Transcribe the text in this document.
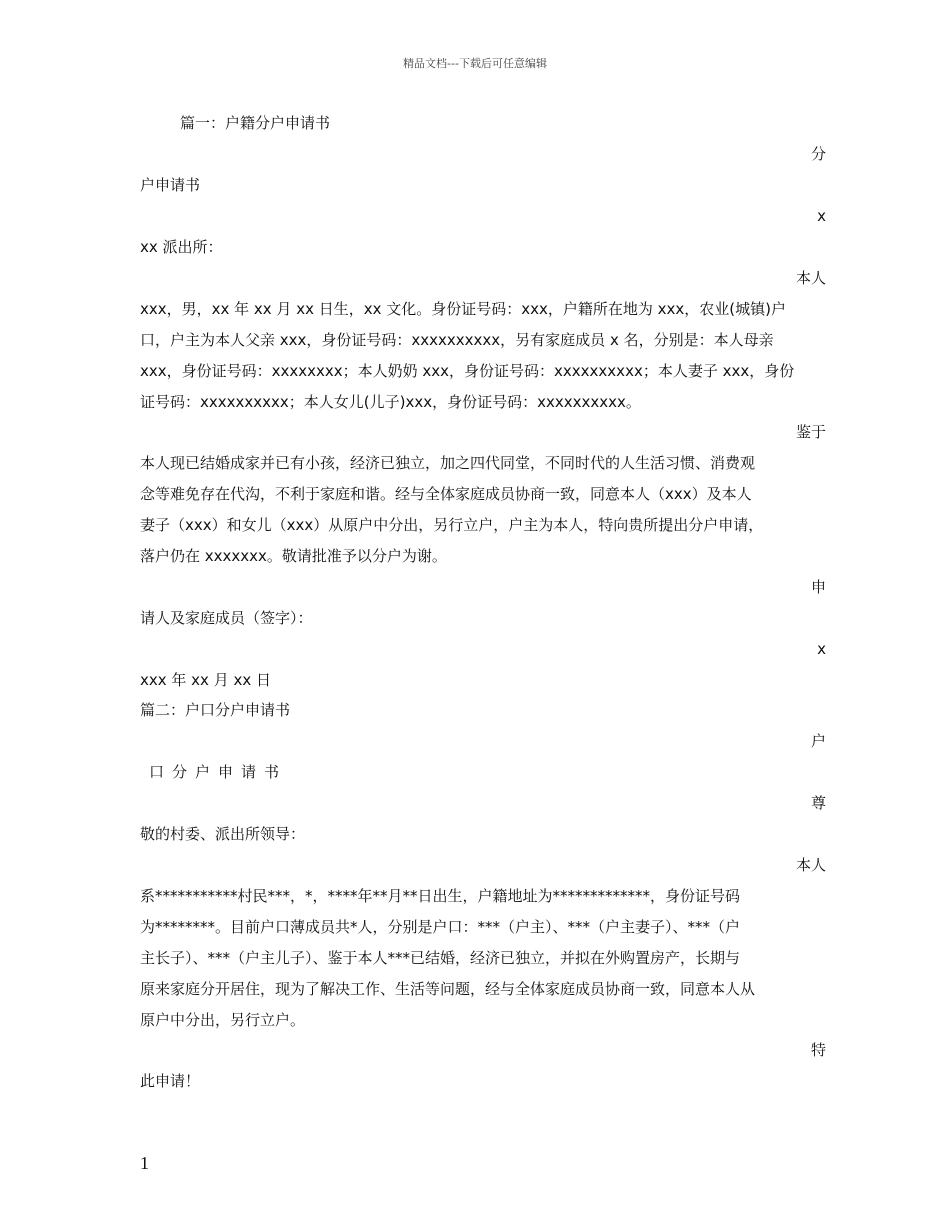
精品文档---下载后可任意编辑
篇一：户籍分户申请书
分
户申请书
x
xx 派出所：
本人
xxx，男，xx 年 xx 月 xx 日生，xx 文化。身份证号码：xxx，户籍所在地为 xxx，农业(城镇)户
口，户主为本人父亲 xxx，身份证号码：xxxxxxxxxx，另有家庭成员 x 名，分别是：本人母亲
xxx，身份证号码：xxxxxxxx；本人奶奶 xxx，身份证号码：xxxxxxxxxx；本人妻子 xxx，身份
证号码：xxxxxxxxxx；本人女儿(儿子)xxx，身份证号码：xxxxxxxxxx。
鉴于
本人现已结婚成家并已有小孩，经济已独立，加之四代同堂，不同时代的人生活习惯、消费观
念等难免存在代沟，不利于家庭和谐。经与全体家庭成员协商一致，同意本人（xxx）及本人
妻子（xxx）和女儿（xxx）从原户中分出，另行立户，户主为本人，特向贵所提出分户申请，
落户仍在 xxxxxxx。敬请批准予以分户为谢。
申
请人及家庭成员（签字）：
x
xxx 年 xx 月 xx 日
篇二：户口分户申请书
户
口分户申请书
尊
敬的村委、派出所领导：
本人
系***********村民***，*，****年**月**日出生，户籍地址为*************，身份证号码
为********。目前户口薄成员共*人，分别是户口：***（户主）、***（户主妻子）、***（户
主长子）、***（户主儿子）、鉴于本人***已结婚，经济已独立，并拟在外购置房产，长期与
原来家庭分开居住，现为了解决工作、生活等问题，经与全体家庭成员协商一致，同意本人从
原户中分出，另行立户。
特
此申请！
1
